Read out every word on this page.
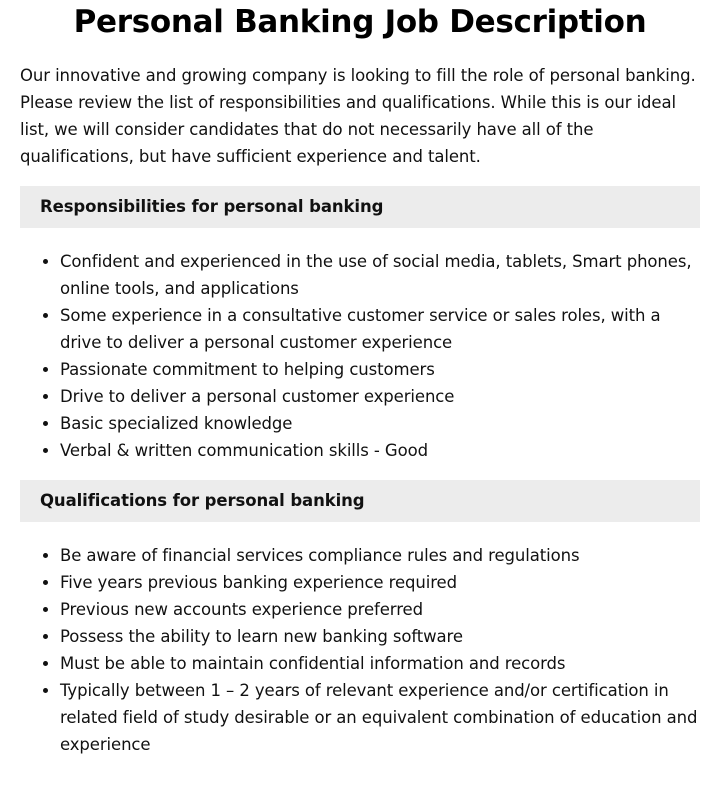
Personal Banking Job Description

Our innovative and growing company is looking to fill the role of personal banking. Please review the list of responsibilities and qualifications. While this is our ideal list, we will consider candidates that do not necessarily have all of the qualifications, but have sufficient experience and talent.

Responsibilities for personal banking
• Confident and experienced in the use of social media, tablets, Smart phones, online tools, and applications
• Some experience in a consultative customer service or sales roles, with a drive to deliver a personal customer experience
• Passionate commitment to helping customers
• Drive to deliver a personal customer experience
• Basic specialized knowledge
• Verbal & written communication skills - Good
Qualifications for personal banking
• Be aware of financial services compliance rules and regulations
• Five years previous banking experience required
• Previous new accounts experience preferred
• Possess the ability to learn new banking software
• Must be able to maintain confidential information and records
• Typically between 1 – 2 years of relevant experience and/or certification in related field of study desirable or an equivalent combination of education and experience
